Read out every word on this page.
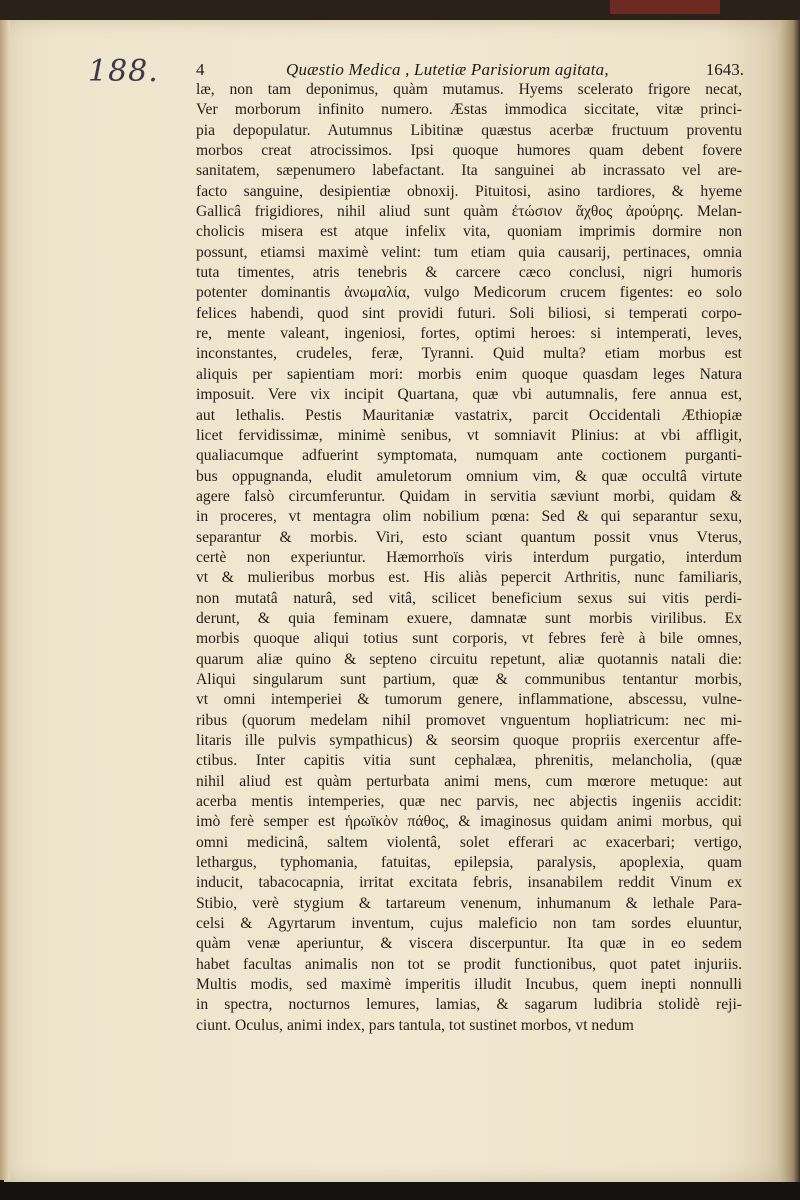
188. 4	Quæstio Medica , Lutetiæ Parisiorum agitata,	1643.
læ, non tam deponimus, quàm mutamus. Hyems scelerato frigore necat,
Ver morborum infinito numero. Æstas immodica siccitate, vitæ princi-
pia depopulatur. Autumnus Libitinæ quæstus acerbæ fructuum proventu
morbos creat atrocissimos. Ipsi quoque humores quam debent fovere
sanitatem, sæpenumero labefactant. Ita sanguinei ab incrassato vel are-
facto sanguine, desipientiæ obnoxij. Pituitosi, asino tardiores, & hyeme
Gallicâ frigidiores, nihil aliud sunt quàm ἐτώσιον ἄχθος ἀρούρης. Melan-
cholicis misera est atque infelix vita, quoniam imprimis dormire non
possunt, etiamsi maximè velint: tum etiam quia causarij, pertinaces, omnia
tuta timentes, atris tenebris & carcere cæco conclusi, nigri humoris
potenter dominantis ἀνωμαλία, vulgo Medicorum crucem figentes: eo solo
felices habendi, quod sint providi futuri. Soli biliosi, si temperati corpo-
re, mente valeant, ingeniosi, fortes, optimi heroes: si intemperati, leves,
inconstantes, crudeles, feræ, Tyranni. Quid multa? etiam morbus est
aliquis per sapientiam mori: morbis enim quoque quasdam leges Natura
imposuit. Vere vix incipit Quartana, quæ vbi autumnalis, fere annua est,
aut lethalis. Pestis Mauritaniæ vastatrix, parcit Occidentali Æthiopiæ
licet fervidissimæ, minimè senibus, vt somniavit Plinius: at vbi affligit,
qualiacumque adfuerint symptomata, numquam ante coctionem purganti-
bus oppugnanda, eludit amuletorum omnium vim, & quæ occultâ virtute
agere falsò circumferuntur. Quidam in servitia sæviunt morbi, quidam &
in proceres, vt mentagra olim nobilium pœna: Sed & qui separantur sexu,
separantur & morbis. Viri, esto sciant quantum possit vnus Vterus,
certè non experiuntur. Hæmorrhoïs viris interdum purgatio, interdum
vt & mulieribus morbus est. His aliàs pepercit Arthritis, nunc familiaris,
non mutatâ naturâ, sed vitâ, scilicet beneficium sexus sui vitis perdi-
derunt, & quia feminam exuere, damnatæ sunt morbis virilibus. Ex
morbis quoque aliqui totius sunt corporis, vt febres ferè à bile omnes,
quarum aliæ quino & septeno circuitu repetunt, aliæ quotannis natali die:
Aliqui singularum sunt partium, quæ & communibus tentantur morbis,
vt omni intemperiei & tumorum genere, inflammatione, abscessu, vulne-
ribus (quorum medelam nihil promovet vnguentum hopliatricum: nec mi-
litaris ille pulvis sympathicus) & seorsim quoque propriis exercentur affe-
ctibus. Inter capitis vitia sunt cephalæa, phrenitis, melancholia, (quæ
nihil aliud est quàm perturbata animi mens, cum mœrore metuque: aut
acerba mentis intemperies, quæ nec parvis, nec abjectis ingeniis accidit:
imò ferè semper est ἡρωϊκὸν πάθος, & imaginosus quidam animi morbus, qui
omni medicinâ, saltem violentâ, solet efferari ac exacerbari; vertigo,
lethargus, typhomania, fatuitas, epilepsia, paralysis, apoplexia, quam
inducit, tabacocapnia, irritat excitata febris, insanabilem reddit Vinum ex
Stibio, verè stygium & tartareum venenum, inhumanum & lethale Para-
celsi & Agyrtarum inventum, cujus maleficio non tam sordes eluuntur,
quàm venæ aperiuntur, & viscera discerpuntur. Ita quæ in eo sedem
habet facultas animalis non tot se prodit functionibus, quot patet injuriis.
Multis modis, sed maximè imperitis illudit Incubus, quem inepti nonnulli
in spectra, nocturnos lemures, lamias, & sagarum ludibria stolidè reji-
ciunt. Oculus, animi index, pars tantula, tot sustinet morbos, vt nedum
